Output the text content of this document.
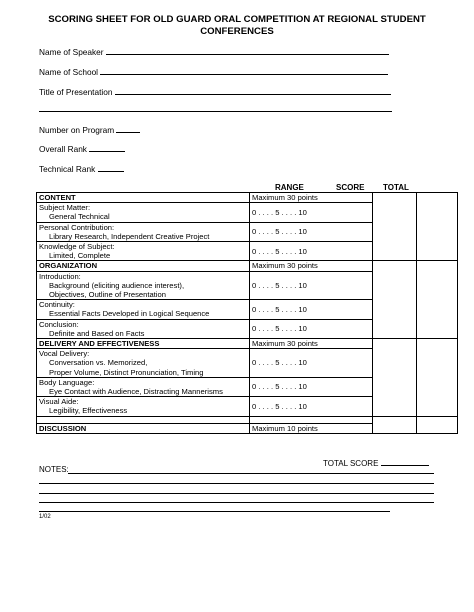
SCORING SHEET FOR OLD GUARD ORAL COMPETITION AT REGIONAL STUDENT CONFERENCES
Name of Speaker
Name of School
Title of Presentation
Number on Program
Overall Rank
Technical Rank
RANGE	SCORE TOTAL
CONTENT	Maximum 30 points		
Subject Matter:
General Technical	0 . . . . 5 . . . . 10		
Personal Contribution:
Library Research, Independent Creative Project	0 . . . . 5 . . . . 10		
Knowledge of Subject:
Limited, Complete	0 . . . . 5 . . . . 10		
ORGANIZATION	Maximum 30 points		
Introduction:
Background (eliciting audience interest),
Objectives, Outline of Presentation	0 . . . . 5 . . . . 10		
Continuity:
Essential Facts Developed in Logical Sequence	0 . . . . 5 . . . . 10		
Conclusion:
Definite and Based on Facts	0 . . . . 5 . . . . 10		
DELIVERY AND EFFECTIVENESS	Maximum 30 points		
Vocal Delivery:
Conversation vs. Memorized,
Proper Volume, Distinct Pronunciation, Timing	0 . . . . 5 . . . . 10		
Body Language:
Eye Contact with Audience, Distracting Mannerisms	0 . . . . 5 . . . . 10		
Visual Aide:
Legibility, Effectiveness	0 . . . . 5 . . . . 10		

DISCUSSION	Maximum 10 points		
TOTAL SCORE
NOTES:
1/02
